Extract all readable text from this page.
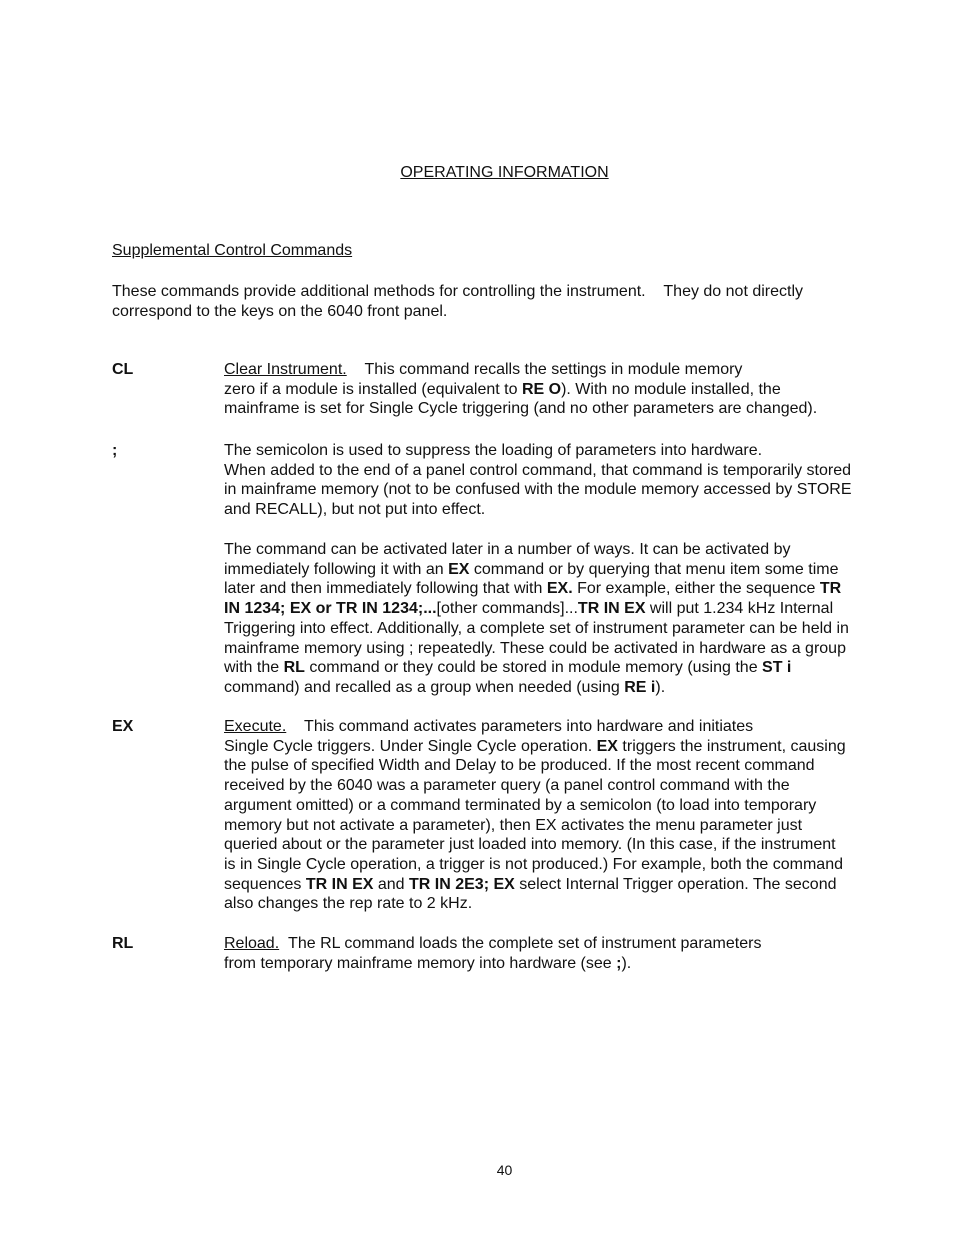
OPERATING INFORMATION
Supplemental Control Commands
These commands provide additional methods for controlling the instrument.    They do not directly
correspond to the keys on the 6040 front panel.
CL	Clear Instrument. This command recalls the settings in module memory
zero if a module is installed (equivalent to RE O). With no module installed, the
mainframe is set for Single Cycle triggering (and no other parameters are changed).
;	The semicolon is used to suppress the loading of parameters into hardware.
When added to the end of a panel control command, that command is temporarily stored
in mainframe memory (not to be confused with the module memory accessed by STORE
and RECALL), but not put into effect.
The command can be activated later in a number of ways. It can be activated by
immediately following it with an EX command or by querying that menu item some time
later and then immediately following that with EX. For example, either the sequence TR
IN 1234; EX or TR IN 1234;...[other commands]...TR IN EX will put 1.234 kHz Internal
Triggering into effect. Additionally, a complete set of instrument parameter can be held in
mainframe memory using ; repeatedly. These could be activated in hardware as a group
with the RL command or they could be stored in module memory (using the ST i
command) and recalled as a group when needed (using RE i).
EX	Execute. This command activates parameters into hardware and initiates
Single Cycle triggers. Under Single Cycle operation. EX triggers the instrument, causing
the pulse of specified Width and Delay to be produced. If the most recent command
received by the 6040 was a parameter query (a panel control command with the
argument omitted) or a command terminated by a semicolon (to load into temporary
memory but not activate a parameter), then EX activates the menu parameter just
queried about or the parameter just loaded into memory. (In this case, if the instrument
is in Single Cycle operation, a trigger is not produced.) For example, both the command
sequences TR IN EX and TR IN 2E3; EX select Internal Trigger operation. The second
also changes the rep rate to 2 kHz.
RL	Reload. The RL command loads the complete set of instrument parameters
from temporary mainframe memory into hardware (see ;).
40
